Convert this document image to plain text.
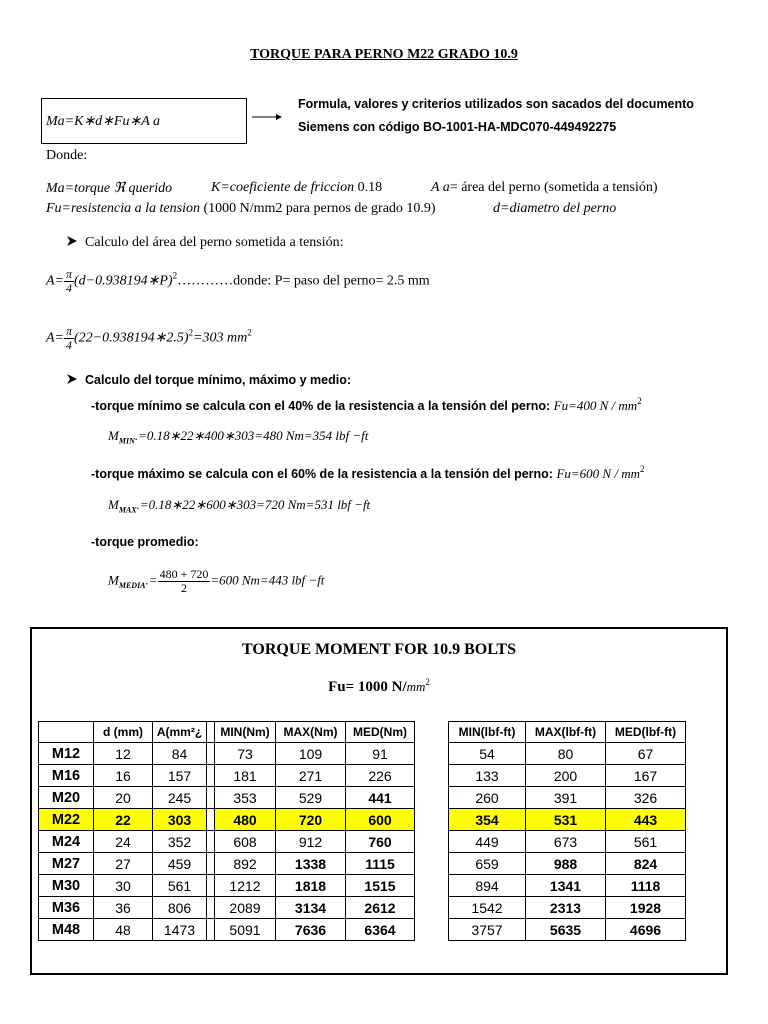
TORQUE PARA PERNO M22 GRADO 10.9
Ma=K∗d∗Fu∗A a
Formula, valores y criterios utilizados son sacados del documento
Siemens con código BO-1001-HA-MDC070-449492275
Donde:
Ma=torque ℜ querido	K=coeficiente de friccion 0.18	A a= área del perno (sometida a tensión)
Fu=resistencia a la tension (1000 N/mm2 para pernos de grado 10.9)	d=diametro del perno
Calculo del área del perno sometida a tensión:
$A= \frac{\pi}{4}$ (d−0.938194∗P)$^2$…………donde: P= paso del perno= 2.5 mm
$A= \frac{\pi}{4}$ (22−0.938194∗2.5)$^2$=303 $mm^2$
Calculo del torque mínimo, máximo y medio:
-torque mínimo se calcula con el 40% de la resistencia a la tensión del perno: Fu=400 N / $mm^2$
$M_{MIN}.=0.18∗22∗400∗303=480$ Nm=354 lbf −ft
-torque máximo se calcula con el 60% de la resistencia a la tensión del perno: Fu=600 N / $mm^2$
$M_{MAX}.=0.18∗22∗600∗303=720$ Nm=531 lbf −ft
-torque promedio:
$M_{MEDIA}.= \frac{480 + 720}{2} =600$ Nm=443 lbf −ft
TORQUE MOMENT FOR 10.9 BOLTS
Fu= 1000 $N/mm^2$
	d (mm)	A(mm²¿		MIN(Nm)	MAX(Nm)	MED(Nm)
M12	12	84		73	109	91
M16	16	157		181	271	226
M20	20	245		353	529	441
M22	22	303		480	720	600
M24	24	352		608	912	760
M27	27	459		892	1338	1115
M30	30	561		1212	1818	1515
M36	36	806		2089	3134	2612
M48	48	1473		5091	7636	6364
MIN(lbf-ft)	MAX(lbf-ft)	MED(lbf-ft)
54	80	67
133	200	167
260	391	326
354	531	443
449	673	561
659	988	824
894	1341	1118
1542	2313	1928
3757	5635	4696
